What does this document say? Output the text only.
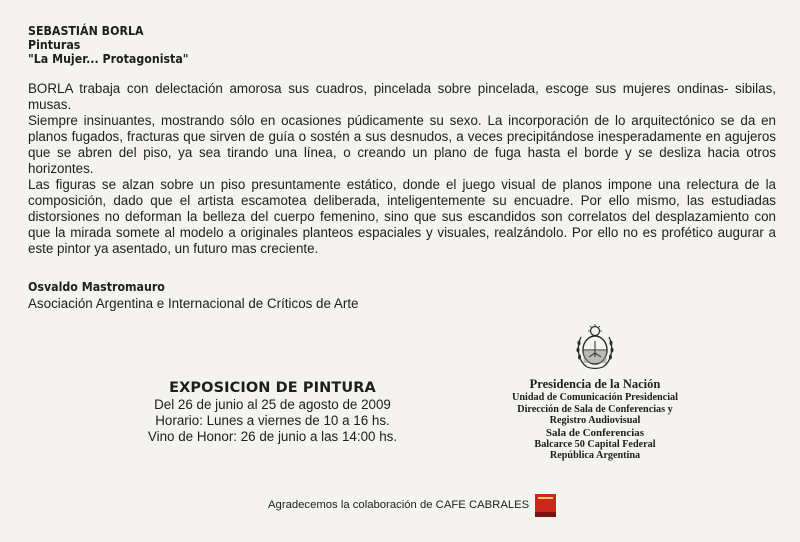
SEBASTIÁN BORLA
Pinturas
"La Mujer... Protagonista"

BORLA trabaja con delectación amorosa sus cuadros, pincelada sobre pincelada, escoge sus mujeres ondinas- sibilas, musas.

Siempre insinuantes, mostrando sólo en ocasiones púdicamente su sexo. La incorporación de lo arquitectónico se da en planos fugados, fracturas que sirven de guía o sostén a sus desnudos, a veces precipitándose inesperadamente en agujeros que se abren del piso, ya sea tirando una línea, o creando un plano de fuga hasta el borde y se desliza hacia otros horizontes.

Las figuras se alzan sobre un piso presuntamente estático, donde el juego visual de planos impone una relectura de la composición, dado que el artista escamotea deliberada, inteligentemente su encuadre. Por ello mismo, las estudiadas distorsiones no deforman la belleza del cuerpo femenino, sino que sus escandidos son correlatos del desplazamiento con que la mirada somete al modelo a originales planteos espaciales y visuales, realzándolo. Por ello no es profético augurar a este pintor ya asentado, un futuro mas creciente.

Osvaldo Mastromauro
Asociación Argentina e Internacional de Críticos de Arte
EXPOSICION DE PINTURA
Del 26 de junio al 25 de agosto de 2009
Horario: Lunes a viernes de 10 a 16 hs.
Vino de Honor: 26 de junio a las 14:00 hs.
Presidencia de la Nación
Unidad de Comunicación Presidencial
Dirección de Sala de Conferencias y
Registro Audiovisual
Sala de Conferencias
Balcarce 50 Capital Federal
República Argentina
Agradecemos la colaboración de CAFE CABRALES
